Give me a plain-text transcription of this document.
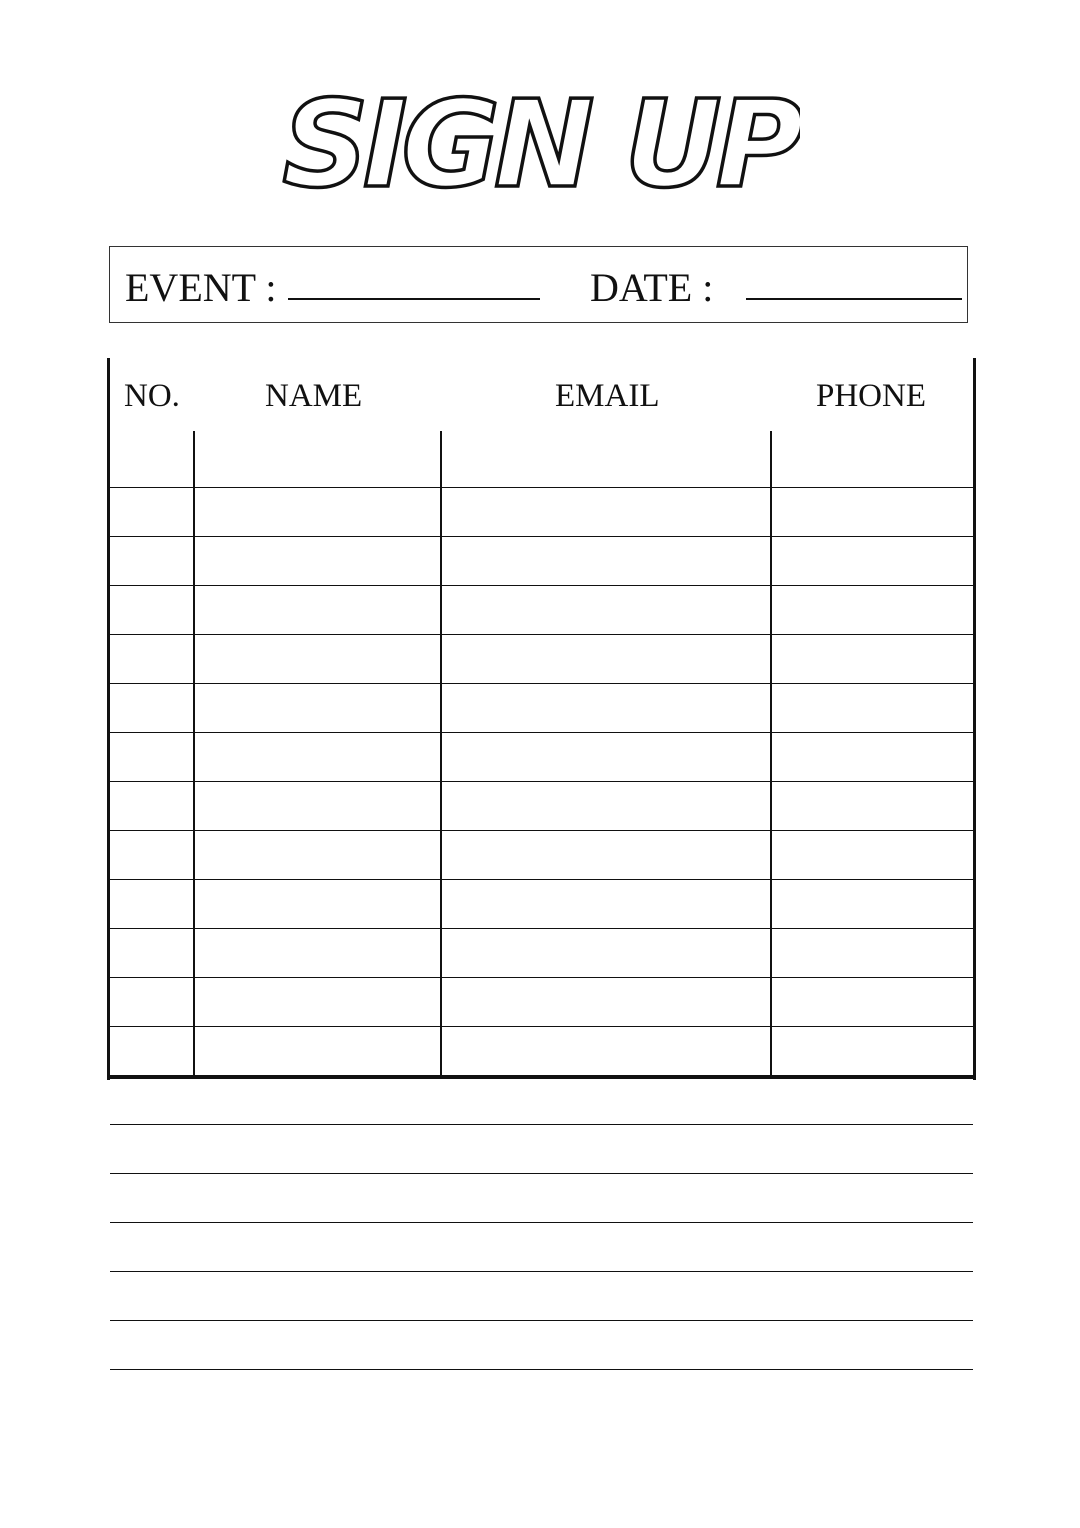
SIGN UP
EVENT :	DATE :
NO.	NAME	EMAIL	PHONE
